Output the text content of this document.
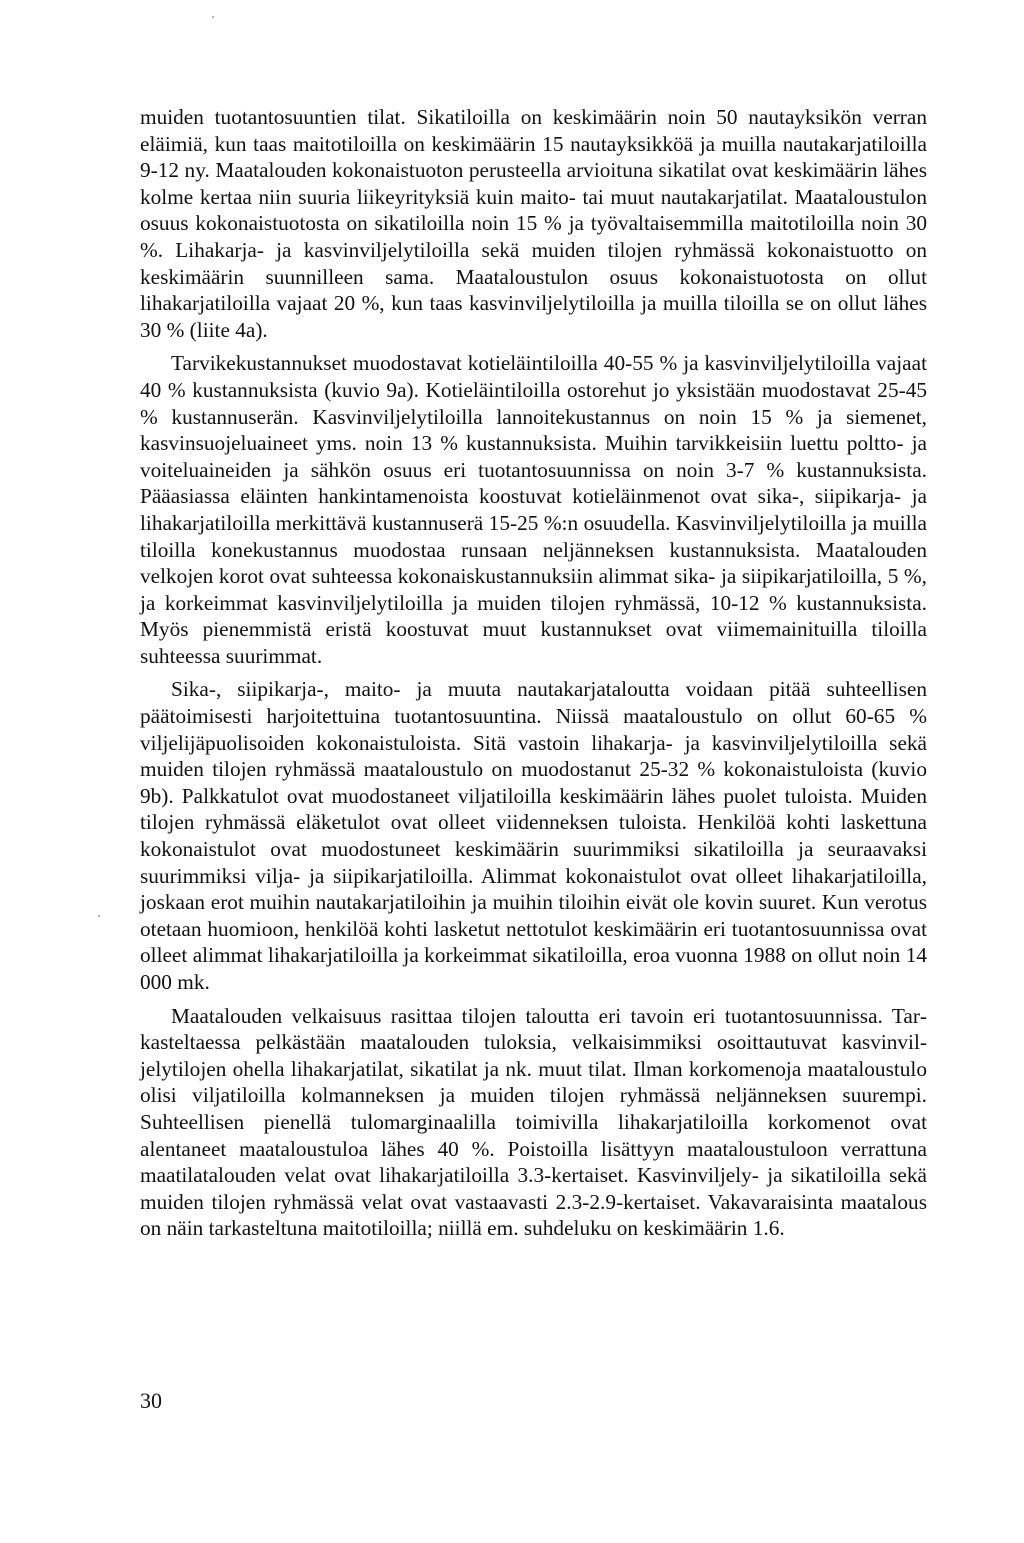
muiden tuotantosuuntien tilat. Sikatiloilla on keskimäärin noin 50 nautayksikön verran eläimiä, kun taas maitotiloilla on keskimäärin 15 nautayksikköä ja muilla nautakarjatiloilla 9-12 ny. Maatalouden kokonaistuoton perusteella arvioituna sikatilat ovat keskimäärin lähes kolme kertaa niin suuria liikeyrityksiä kuin maito- tai muut nautakarjatilat. Maataloustulon osuus kokonaistuotosta on sikatiloilla noin 15 % ja työvaltaisemmilla maitotiloilla noin 30 %. Lihakarja- ja kasvinviljelytiloilla sekä muiden tilojen ryhmässä kokonaistuotto on keskimäärin suunnilleen sama. Maataloustulon osuus kokonaistuotosta on ollut lihakarjatiloilla vajaat 20 %, kun taas kasvinviljelytiloilla ja muilla tiloilla se on ollut lähes 30 % (liite 4a).

Tarvikekustannukset muodostavat kotieläintiloilla 40-55 % ja kasvinviljelytiloilla vajaat 40 % kustannuksista (kuvio 9a). Kotieläintiloilla ostorehut jo yksistään muodostavat 25-45 % kustannuserän. Kasvinviljelytiloilla lannoitekustannus on noin 15 % ja siemenet, kasvinsuojeluaineet yms. noin 13 % kustannuksista. Muihin tarvikkeisiin luettu poltto- ja voiteluaineiden ja sähkön osuus eri tuotantosuunnissa on noin 3-7 % kustannuksista. Pääasiassa eläinten hankintamenoista koostuvat kotieläinmenot ovat sika-, siipikarja- ja lihakarjatiloilla merkittävä kustannuserä 15-25 %:n osuudella. Kasvinviljelytiloilla ja muilla tiloilla konekustannus muodostaa runsaan neljänneksen kustannuksista. Maatalouden velkojen korot ovat suhteessa kokonaiskustannuksiin alimmat sika- ja siipikarjatiloilla, 5 %, ja korkeimmat kasvinviljelytiloilla ja muiden tilojen ryhmässä, 10-12 % kustannuksista. Myös pienemmistä eristä koostuvat muut kustannukset ovat viimemainituilla tiloilla suhteessa suurimmat.

Sika-, siipikarja-, maito- ja muuta nautakarjataloutta voidaan pitää suhteellisen päätoimisesti harjoitettuina tuotantosuuntina. Niissä maataloustulo on ollut 60-65 % viljelijäpuolisoiden kokonaistuloista. Sitä vastoin lihakarja- ja kasvinviljelytiloilla sekä muiden tilojen ryhmässä maataloustulo on muodostanut 25-32 % kokonaistuloista (kuvio 9b). Palkkatulot ovat muodostaneet viljatiloilla keskimäärin lähes puolet tuloista. Muiden tilojen ryhmässä eläketulot ovat olleet viidenneksen tuloista. Henkilöä kohti laskettuna kokonaistulot ovat muodostuneet keskimäärin suurimmiksi sikatiloilla ja seuraavaksi suurimmiksi vilja- ja siipikarjatiloilla. Alimmat kokonaistulot ovat olleet lihakarjatiloilla, joskaan erot muihin nautakarjatiloihin ja muihin tiloihin eivät ole kovin suuret. Kun verotus otetaan huomioon, henkilöä kohti lasketut nettotulot keskimäärin eri tuotantosuunnissa ovat olleet alimmat lihakarjatiloilla ja korkeimmat sikatiloilla, eroa vuonna 1988 on ollut noin 14 000 mk.

Maatalouden velkaisuus rasittaa tilojen taloutta eri tavoin eri tuotantosuunnissa. Tarkasteltaessa pelkästään maatalouden tuloksia, velkaisimmiksi osoittautuvat kasvinviljelytilojen ohella lihakarjatilat, sikatilat ja nk. muut tilat. Ilman korkomenoja maataloustulo olisi viljatiloilla kolmanneksen ja muiden tilojen ryhmässä neljänneksen suurempi. Suhteellisen pienellä tulomarginaalilla toimivilla lihakarjatiloilla korkomenot ovat alentaneet maataloustuloa lähes 40 %. Poistoilla lisättyyn maataloustuloon verrattuna maatilatalouden velat ovat lihakarjatiloilla 3.3-kertaiset. Kasvinviljely- ja sikatiloilla sekä muiden tilojen ryhmässä velat ovat vastaavasti 2.3-2.9-kertaiset. Vakavaraisinta maatalous on näin tarkasteltuna maitotiloilla; niillä em. suhdeluku on keskimäärin 1.6.

30
